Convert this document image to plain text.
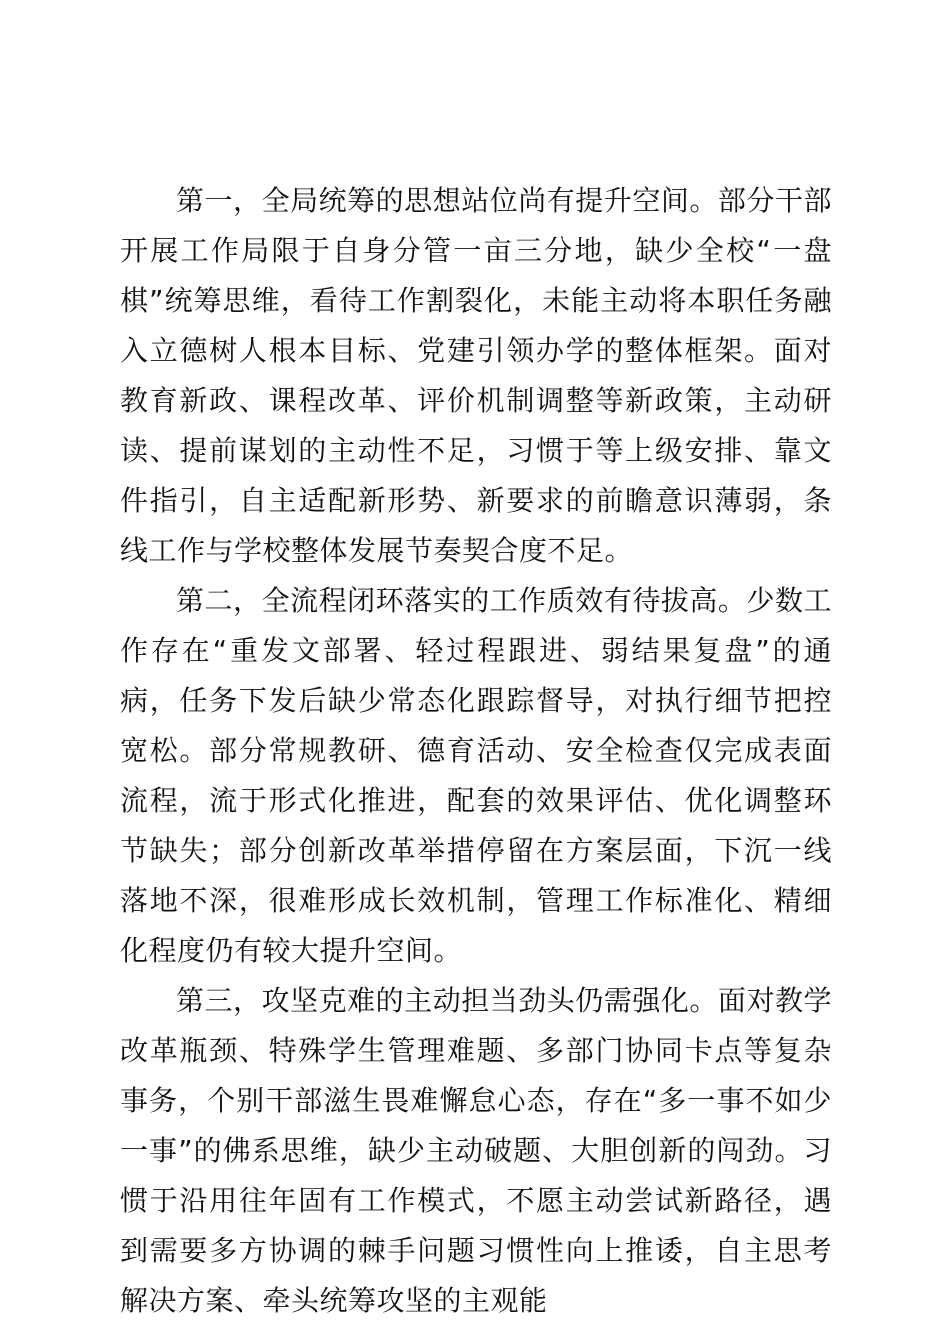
第一，全局统筹的思想站位尚有提升空间。部分干部开展工作局限于自身分管一亩三分地，缺少全校“一盘棋”统筹思维，看待工作割裂化，未能主动将本职任务融入立德树人根本目标、党建引领办学的整体框架。面对教育新政、课程改革、评价机制调整等新政策，主动研读、提前谋划的主动性不足，习惯于等上级安排、靠文件指引，自主适配新形势、新要求的前瞻意识薄弱，条线工作与学校整体发展节奏契合度不足。

第二，全流程闭环落实的工作质效有待拔高。少数工作存在“重发文部署、轻过程跟进、弱结果复盘”的通病，任务下发后缺少常态化跟踪督导，对执行细节把控宽松。部分常规教研、德育活动、安全检查仅完成表面流程，流于形式化推进，配套的效果评估、优化调整环节缺失；部分创新改革举措停留在方案层面，下沉一线落地不深，很难形成长效机制，管理工作标准化、精细化程度仍有较大提升空间。

第三，攻坚克难的主动担当劲头仍需强化。面对教学改革瓶颈、特殊学生管理难题、多部门协同卡点等复杂事务，个别干部滋生畏难懈怠心态，存在“多一事不如少一事”的佛系思维，缺少主动破题、大胆创新的闯劲。习惯于沿用往年固有工作模式，不愿主动尝试新路径，遇到需要多方协调的棘手问题习惯性向上推诿，自主思考解决方案、牵头统筹攻坚的主观能
